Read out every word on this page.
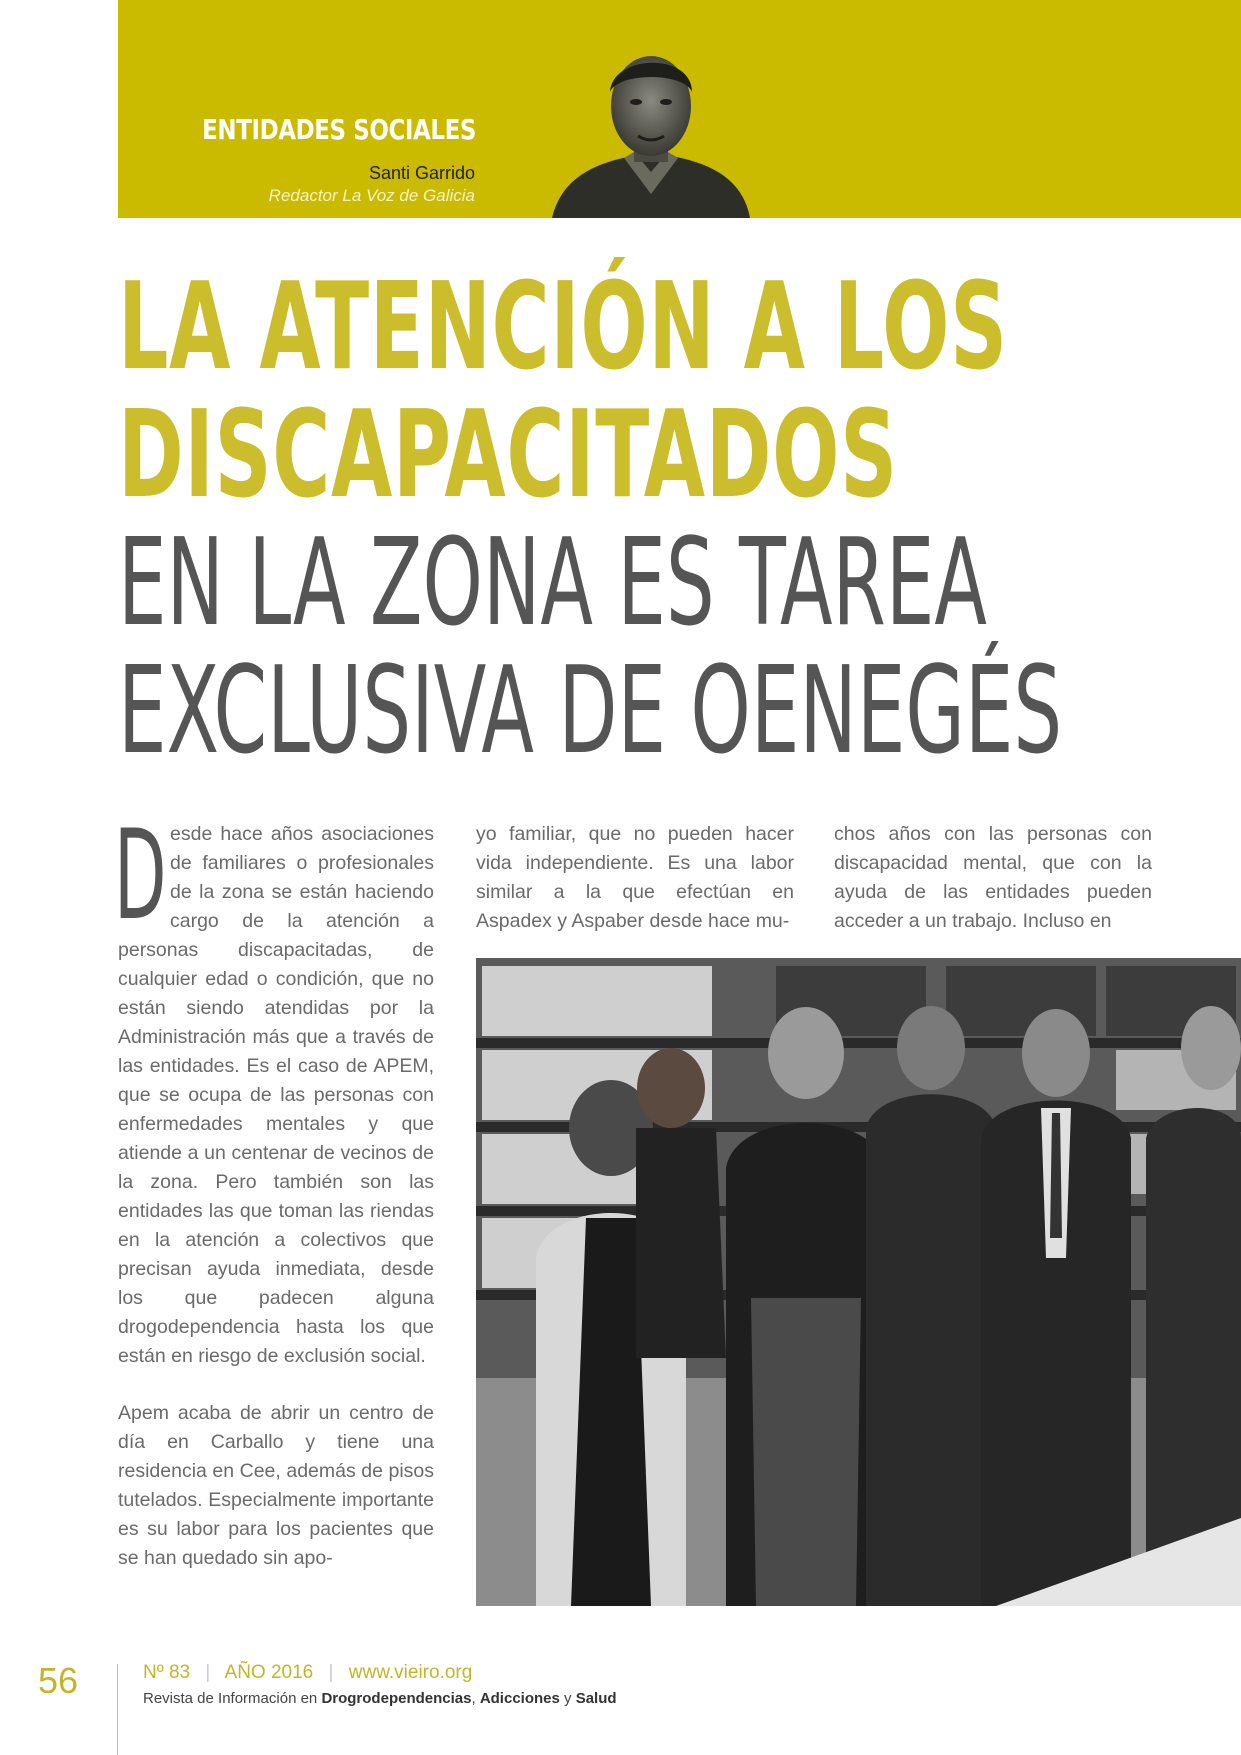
ENTIDADES SOCIALES
Santi Garrido
Redactor La Voz de Galicia
LA ATENCIÓN A LOS
DISCAPACITADOS
EN LA ZONA ES TAREA
EXCLUSIVA DE OENEGÉS

Desde hace años asociaciones de familiares o profesionales de la zona se están haciendo cargo de la atención a personas discapacitadas, de cualquier edad o condición, que no están siendo atendidas por la Administración más que a través de las entidades. Es el caso de APEM, que se ocupa de las personas con enfermedades mentales y que atiende a un centenar de vecinos de la zona. Pero también son las entidades las que toman las riendas en la atención a colectivos que precisan ayuda inmediata, desde los que padecen alguna drogodependencia hasta los que están en riesgo de exclusión social.

Apem acaba de abrir un centro de día en Carballo y tiene una residencia en Cee, además de pisos tutelados. Especialmente importante es su labor para los pacientes que se han quedado sin apo-

yo familiar, que no pueden hacer vida independiente. Es una labor similar a la que efectúan en Aspadex y Aspaber desde hace mu-

chos años con las personas con discapacidad mental, que con la ayuda de las entidades pueden acceder a un trabajo. Incluso en

56	Nº 83 | AÑO 2016 | www.vieiro.org
Revista de Información en Drogrodependencias, Adicciones y Salud
